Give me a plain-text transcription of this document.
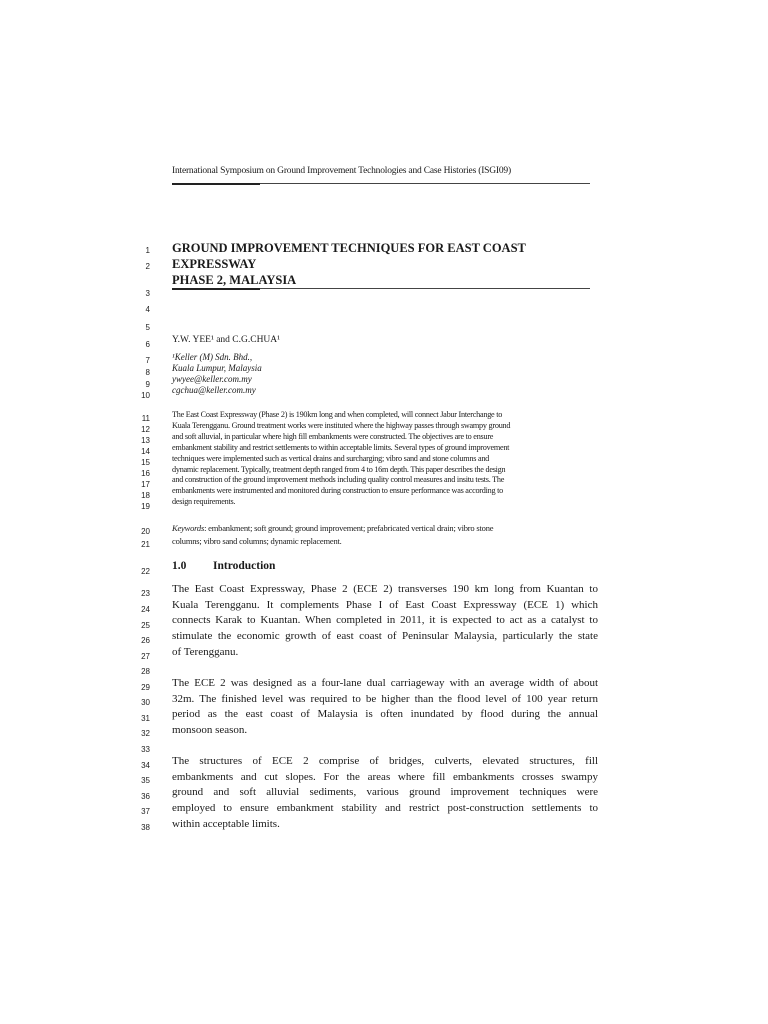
International Symposium on Ground Improvement Technologies and Case Histories (ISGI09)
1
2
3
4
5
6
7
8
9
10
11
12
13
14
15
16
17
18
19
20
21
22
23
24
25
26
27
28
29
30
31
32
33
34
35
36
37
38
GROUND IMPROVEMENT TECHNIQUES FOR EAST COAST EXPRESSWAY
PHASE 2, MALAYSIA
Y.W. YEE¹ and C.G.CHUA¹
¹Keller (M) Sdn. Bhd.,
Kuala Lumpur, Malaysia
ywyee@keller.com.my
cgchua@keller.com.my
The East Coast Expressway (Phase 2) is 190km long and when completed, will connect Jabur Interchange to
Kuala Terengganu. Ground treatment works were instituted where the highway passes through swampy ground
and soft alluvial, in particular where high fill embankments were constructed. The objectives are to ensure
embankment stability and restrict settlements to within acceptable limits. Several types of ground improvement
techniques were implemented such as vertical drains and surcharging; vibro sand and stone columns and
dynamic replacement. Typically, treatment depth ranged from 4 to 16m depth. This paper describes the design
and construction of the ground improvement methods including quality control measures and insitu tests. The
embankments were instrumented and monitored during construction to ensure performance was according to
design requirements.
Keywords: embankment; soft ground; ground improvement; prefabricated vertical drain; vibro stone
columns; vibro sand columns; dynamic replacement.
1.0 Introduction
The East Coast Expressway, Phase 2 (ECE 2) transverses 190 km long from Kuantan to
Kuala Terengganu. It complements Phase I of East Coast Expressway (ECE 1) which
connects Karak to Kuantan. When completed in 2011, it is expected to act as a catalyst to
stimulate the economic growth of east coast of Peninsular Malaysia, particularly the state
of Terengganu.
The ECE 2 was designed as a four-lane dual carriageway with an average width of about
32m. The finished level was required to be higher than the flood level of 100 year return
period as the east coast of Malaysia is often inundated by flood during the annual
monsoon season.
The structures of ECE 2 comprise of bridges, culverts, elevated structures, fill
embankments and cut slopes. For the areas where fill embankments crosses swampy
ground and soft alluvial sediments, various ground improvement techniques were
employed to ensure embankment stability and restrict post-construction settlements to
within acceptable limits.
